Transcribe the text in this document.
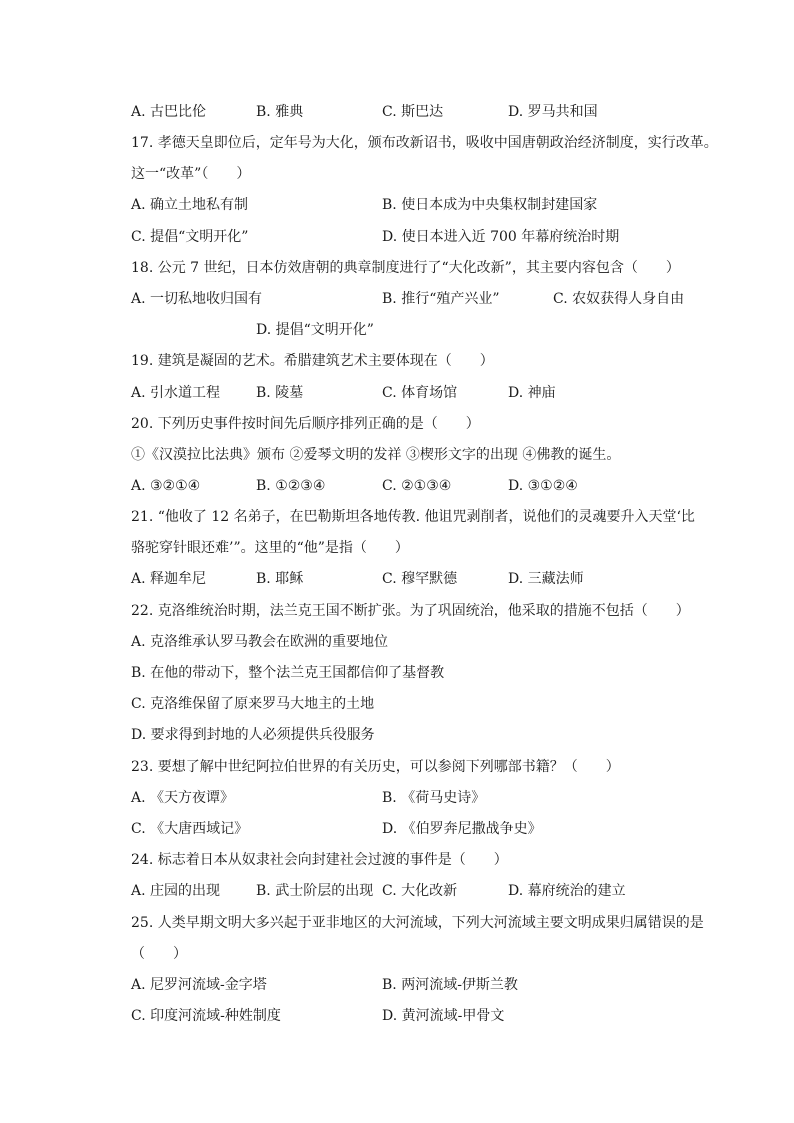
A. 古巴比伦	B. 雅典	C. 斯巴达	D. 罗马共和国
17. 孝德天皇即位后，定年号为大化，颁布改新诏书，吸收中国唐朝政治经济制度，实行改革。
这一“改革”（　　）
A. 确立土地私有制	B. 使日本成为中央集权制封建国家
C. 提倡“文明开化”	D. 使日本进入近 700 年幕府统治时期
18. 公元 7 世纪，日本仿效唐朝的典章制度进行了“大化改新”，其主要内容包含（　　）
A. 一切私地收归国有	B. 推行“殖产兴业”	C. 农奴获得人身自由
D. 提倡“文明开化”
19. 建筑是凝固的艺术。希腊建筑艺术主要体现在（　　）
A. 引水道工程	B. 陵墓	C. 体育场馆	D. 神庙
20. 下列历史事件按时间先后顺序排列正确的是（　　）
①《汉漠拉比法典》颁布 ②爱琴文明的发祥 ③楔形文字的出现 ④佛教的诞生。
A. ③②①④	B. ①②③④	C. ②①③④	D. ③①②④
21. “他收了 12 名弟子，在巴勒斯坦各地传教. 他诅咒剥削者，说他们的灵魂要升入天堂‘比
骆驼穿针眼还难’”。这里的“他”是指（　　）
A. 释迦牟尼	B. 耶稣	C. 穆罕默德	D. 三藏法师
22. 克洛维统治时期，法兰克王国不断扩张。为了巩固统治，他采取的措施不包括（　　）
A. 克洛维承认罗马教会在欧洲的重要地位
B. 在他的带动下，整个法兰克王国都信仰了基督教
C. 克洛维保留了原来罗马大地主的土地
D. 要求得到封地的人必须提供兵役服务
23. 要想了解中世纪阿拉伯世界的有关历史，可以参阅下列哪部书籍？（　　）
A. 《天方夜谭》	B. 《荷马史诗》
C. 《大唐西域记》	D. 《伯罗奔尼撒战争史》
24. 标志着日本从奴隶社会向封建社会过渡的事件是（　　）
A. 庄园的出现	B. 武士阶层的出现 C. 大化改新	D. 幕府统治的建立
25. 人类早期文明大多兴起于亚非地区的大河流域，下列大河流域主要文明成果归属错误的是
（　　）
A. 尼罗河流域-金字塔	B. 两河流域-伊斯兰教
C. 印度河流域-种姓制度	D. 黄河流域-甲骨文
